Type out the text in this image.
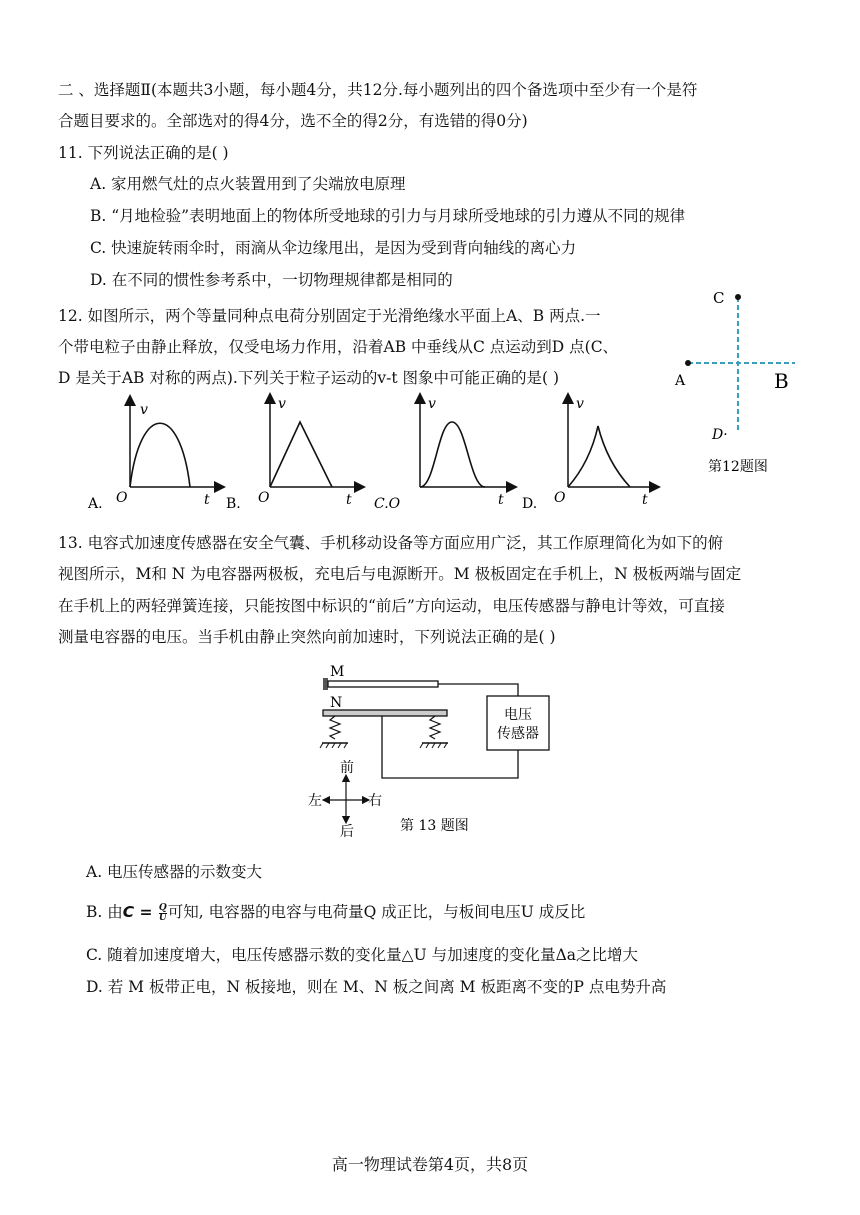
二 、选择题Ⅱ(本题共3小题，每小题4分，共12分.每小题列出的四个备选项中至少有一个是符
合题目要求的。全部选对的得4分，选不全的得2分，有选错的得0分)
11. 下列说法正确的是( )
A. 家用燃气灶的点火装置用到了尖端放电原理
B. “月地检验”表明地面上的物体所受地球的引力与月球所受地球的引力遵从不同的规律
C. 快速旋转雨伞时，雨滴从伞边缘甩出，是因为受到背向轴线的离心力
D. 在不同的惯性参考系中，一切物理规律都是相同的
12. 如图所示，两个等量同种点电荷分别固定于光滑绝缘水平面上A、B 两点.一
个带电粒子由静止释放，仅受电场力作用，沿着AB 中垂线从C 点运动到D 点(C、
D 是关于AB 对称的两点).下列关于粒子运动的v-t 图象中可能正确的是( )
C
A	B
D·
第12题图
v
t
O
A.
v
t
O
B.
v
t
C.O
v
t
O
D.
13. 电容式加速度传感器在安全气囊、手机移动设备等方面应用广泛，其工作原理简化为如下的俯
视图所示，M和 N 为电容器两极板，充电后与电源断开。M 极板固定在手机上，N 极板两端与固定
在手机上的两轻弹簧连接，只能按图中标识的“前后”方向运动，电压传感器与静电计等效，可直接
测量电容器的电压。当手机由静止突然向前加速时，下列说法正确的是( )
M
N
电压
传感器
前
后
左	右
第 13 题图
A. 电压传感器的示数变大
B. 由$C = \frac{Q}{U}$ 可知, 电容器的电容与电荷量Q 成正比，与板间电压U 成反比
C. 随着加速度增大，电压传感器示数的变化量△U 与加速度的变化量Δa之比增大
D. 若 M 板带正电，N 板接地，则在 M、N 板之间离 M 板距离不变的P 点电势升高
高一物理试卷第4页，共8页
